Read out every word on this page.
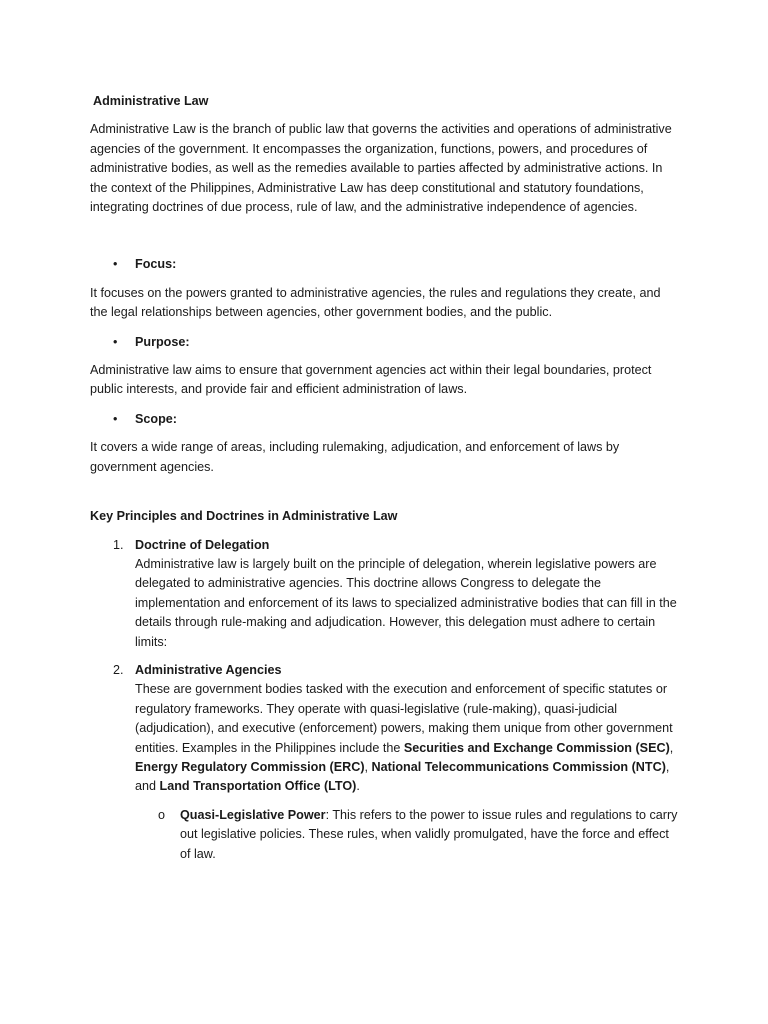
Administrative Law

Administrative Law is the branch of public law that governs the activities and operations of administrative agencies of the government. It encompasses the organization, functions, powers, and procedures of administrative bodies, as well as the remedies available to parties affected by administrative actions. In the context of the Philippines, Administrative Law has deep constitutional and statutory foundations, integrating doctrines of due process, rule of law, and the administrative independence of agencies.

• Focus:

It focuses on the powers granted to administrative agencies, the rules and regulations they create, and the legal relationships between agencies, other government bodies, and the public.

• Purpose:

Administrative law aims to ensure that government agencies act within their legal boundaries, protect public interests, and provide fair and efficient administration of laws.

• Scope:

It covers a wide range of areas, including rulemaking, adjudication, and enforcement of laws by government agencies.

Key Principles and Doctrines in Administrative Law
1. Doctrine of Delegation
Administrative law is largely built on the principle of delegation, wherein legislative powers are delegated to administrative agencies. This doctrine allows Congress to delegate the implementation and enforcement of its laws to specialized administrative bodies that can fill in the details through rule-making and adjudication. However, this delegation must adhere to certain limits:
2. Administrative Agencies
These are government bodies tasked with the execution and enforcement of specific statutes or regulatory frameworks. They operate with quasi-legislative (rule-making), quasi-judicial (adjudication), and executive (enforcement) powers, making them unique from other government entities. Examples in the Philippines include the Securities and Exchange Commission (SEC), Energy Regulatory Commission (ERC), National Telecommunications Commission (NTC), and Land Transportation Office (LTO).
o Quasi-Legislative Power: This refers to the power to issue rules and regulations to carry out legislative policies. These rules, when validly promulgated, have the force and effect of law.
